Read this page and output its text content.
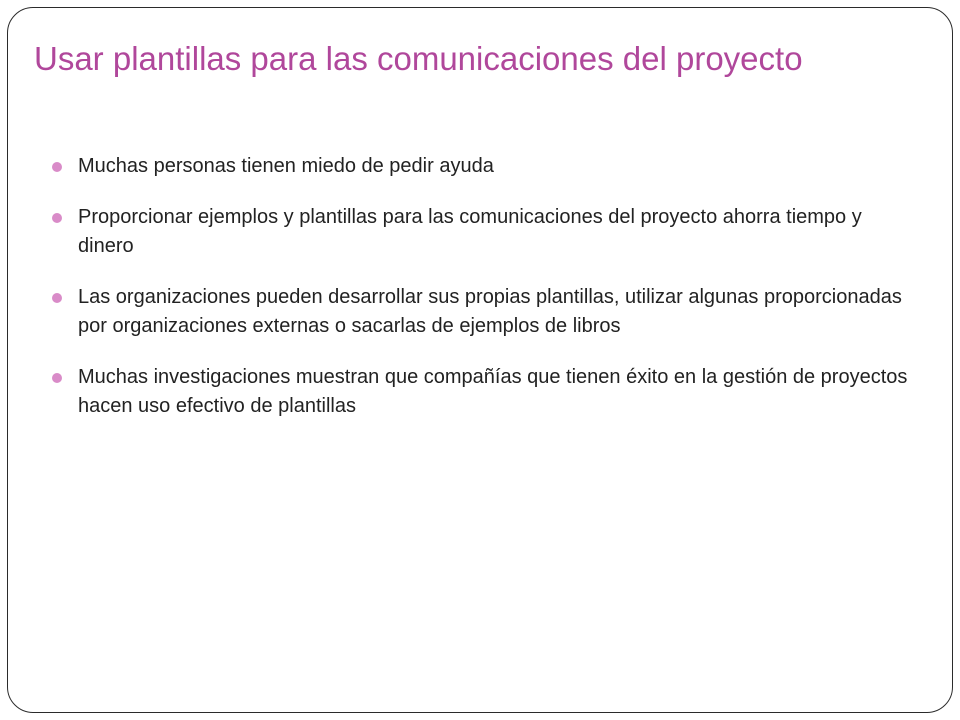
Usar plantillas para las comunicaciones del proyecto
Muchas personas tienen miedo de pedir ayuda
Proporcionar ejemplos y plantillas para las comunicaciones del proyecto ahorra tiempo y dinero
Las organizaciones pueden desarrollar sus propias plantillas, utilizar algunas proporcionadas por organizaciones externas o sacarlas de ejemplos de libros
Muchas investigaciones muestran que compañías que tienen éxito en la gestión de proyectos hacen uso efectivo de plantillas
